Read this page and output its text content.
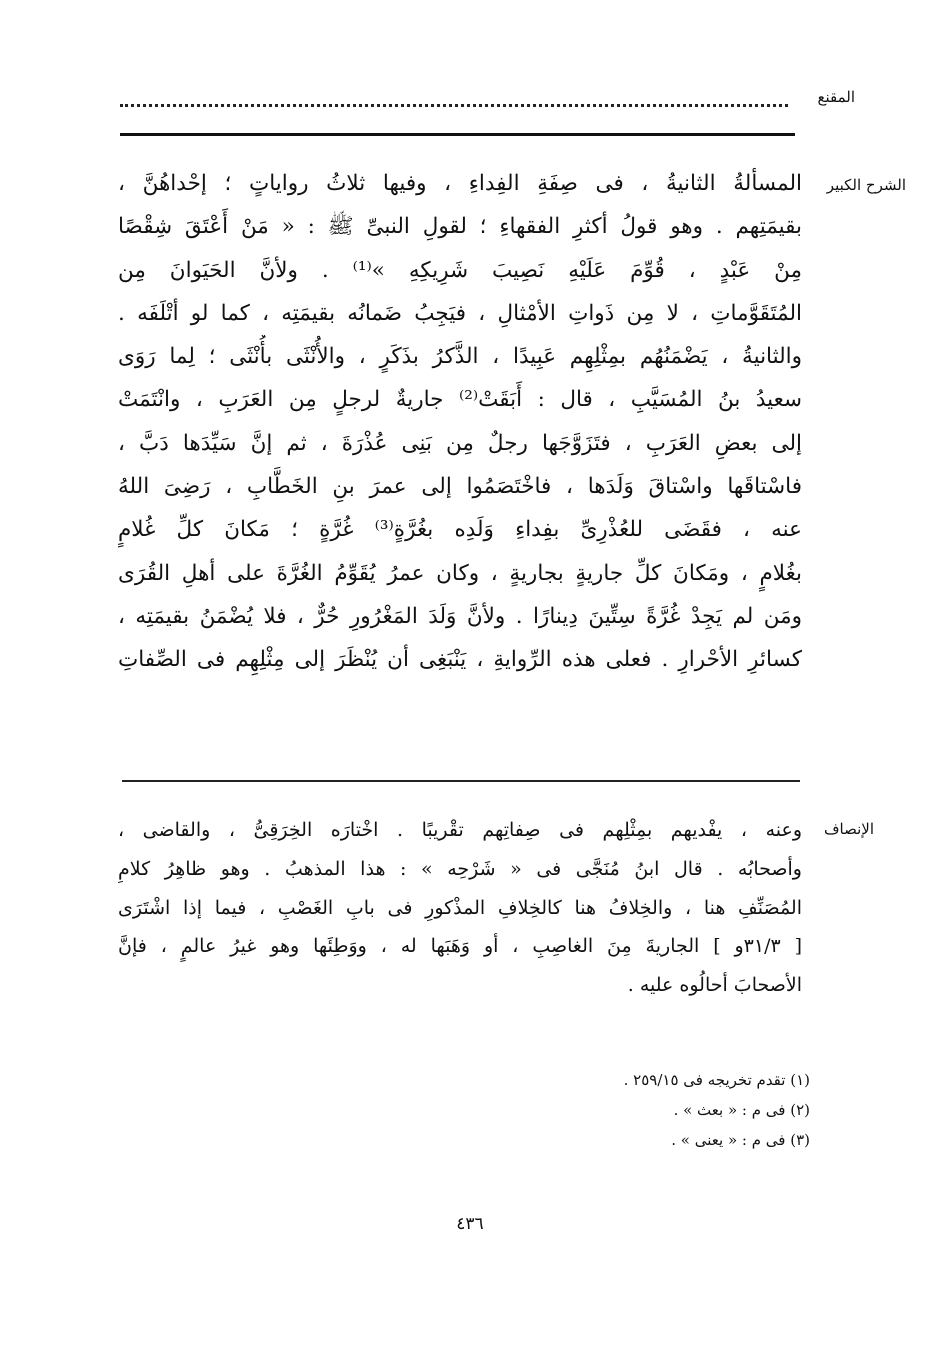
المقنع
الشرح الكبير
المسألةُ الثانيةُ ، فى صِفَةِ الفِداءِ ، وفيها ثلاثُ رواياتٍ ؛ إحْداهُنَّ ،
بقيمَتِهم . وهو قولُ أكثرِ الفقهاءِ ؛ لقولِ النبىِّ ﷺ : « مَنْ أَعْتَقَ شِقْصًا
مِنْ عَبْدٍ ، قُوِّمَ عَلَيْهِ نَصِيبَ شَرِيكِهِ »⁽¹⁾ . ولأنَّ الحَيَوانَ مِن
المُتَقَوَّماتِ ، لا مِن ذَواتِ الأمْثالِ ، فيَجِبُ ضَمانُه بقيمَتِه ، كما لو أتْلَفَه .
والثانيةُ ، يَضْمَنُهُم بمِثْلِهِم عَبِيدًا ، الذَّكرُ بذَكَرٍ ، والأُنْثَى بأُنْثَى ؛ لِما رَوَى
سعيدُ بنُ المُسَيَّبِ ، قال : أَبَقَتْ⁽²⁾ جاريةٌ لرجلٍ مِن العَرَبِ ، وانْتَمَتْ
إلى بعضِ العَرَبِ ، فتَزَوَّجَها رجلٌ مِن بَنِى عُذْرَةَ ، ثم إنَّ سَيِّدَها دَبَّ ،
فاسْتاقَها واسْتاقَ وَلَدَها ، فاخْتَصَمُوا إلى عمرَ بنِ الخَطَّابِ ، رَضِىَ اللهُ
عنه ، فقَضَى للعُذْرِىِّ بفِداءِ وَلَدِه بغُرَّةٍ⁽³⁾ غُرَّةٍ ؛ مَكانَ كلِّ غُلامٍ
بغُلامٍ ، ومَكانَ كلِّ جاريةٍ بجاريةٍ ، وكان عمرُ يُقَوِّمُ الغُرَّةَ على أهلِ القُرَى
ومَن لم يَجِدْ غُرَّةً سِتِّينَ دِينارًا . ولأنَّ وَلَدَ المَغْرُورِ حُرٌّ ، فلا يُضْمَنُ بقيمَتِه ،
كسائرِ الأحْرارِ . فعلى هذه الرِّوايةِ ، يَنْبَغِى أن يُنْظَرَ إلى مِثْلِهِم فى الصِّفاتِ
الإنصاف
وعنه ، يفْديهم بمِثْلِهم فى صِفاتِهم تقْريبًا . اخْتارَه الخِرَقِىُّ ، والقاضى ،
وأصحابُه . قال ابنُ مُنَجَّى فى « شَرْحِه » : هذا المذهبُ . وهو ظاهِرُ كلامِ
المُصَنِّفِ هنا ، والخِلافُ هنا كالخِلافِ المذْكورِ فى بابِ الغَصْبِ ، فيما إذا اشْتَرَى
[ ٣١/٣و ] الجاريةَ مِنَ الغاصِبِ ، أو وَهَبَها له ، ووَطِئَها وهو غيرُ عالمٍ ، فإنَّ
الأصحابَ أحالُوه عليه .
(١) تقدم تخريجه فى ٢٥٩/١٥ .
(٢) فى م : « بعث » .
(٣) فى م : « يعنى » .
٤٣٦
